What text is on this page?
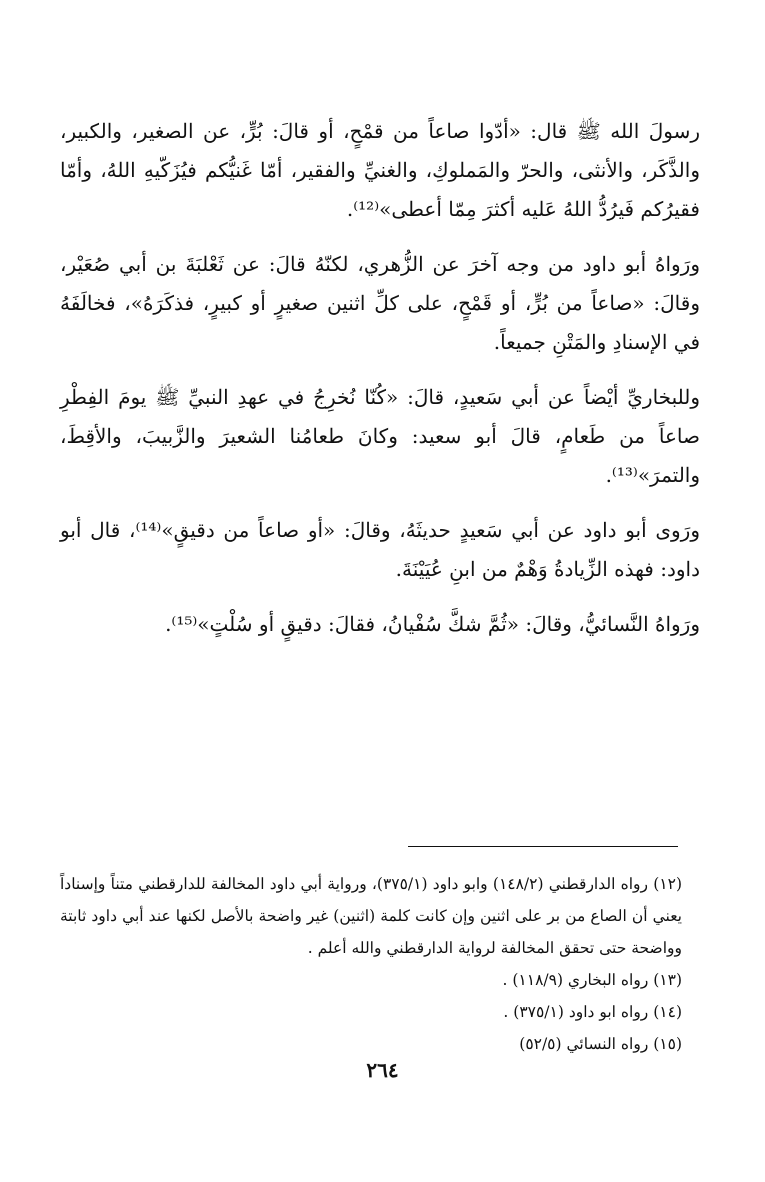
رسولَ الله ﷺ قال: «أدّوا صاعاً من قمْحٍ، أو قالَ: بُرٍّ، عن الصغير، والكبير، والذَّكَر، والأنثى، والحرّ والمَملوكِ، والغنيِّ والفقير، أمّا غَنيُّكم فيُزَكّيهِ اللهُ، وأمّا فقيرُكم فَيرُدُّ اللهُ عَليه أكثرَ مِمّا أعطى»⁽¹²⁾.

ورَواهُ أبو داود من وجه آخرَ عن الزُّهري، لكنّهُ قالَ: عن ثَعْلبَةَ بن أبي صُعَيْر، وقالَ: «صاعاً من بُرٍّ، أو قَمْحٍ، على كلِّ اثنين صغيرٍ أو كبيرٍ، فذكَرَهُ»، فخالَفَهُ في الإسنادِ والمَتْنِ جميعاً.

وللبخاريِّ أيْضاً عن أبي سَعيدٍ، قالَ: «كُنّا نُخرِجُ في عهدِ النبيِّ ﷺ يومَ الفِطْرِ صاعاً من طَعامٍ، قالَ أبو سعيد: وكانَ طعامُنا الشعيرَ والزَّبيبَ، والأقِطَ، والتمرَ»⁽¹³⁾.

ورَوى أبو داود عن أبي سَعيدٍ حديثَهُ، وقالَ: «أو صاعاً من دقيقٍ»⁽¹⁴⁾، قال أبو داود: فهذه الزِّيادةُ وَهْمٌ من ابنِ عُيَيْنَةَ.

ورَواهُ النَّسائيُّ، وقالَ: «ثُمَّ شكَّ سُفْيانُ، فقالَ: دقيقٍ أو سُلْتٍ»⁽¹⁵⁾.

(١٢) رواه الدارقطني (١٤٨/٢) وابو داود (٣٧٥/١)، ورواية أبي داود المخالفة للدارقطني متناً وإسناداً يعني أن الصاع من بر على اثنين وإن كانت كلمة (اثنين) غير واضحة بالأصل لكنها عند أبي داود ثابتة وواضحة حتى تحقق المخالفة لرواية الدارقطني والله أعلم .

(١٣) رواه البخاري (١١٨/٩) .

(١٤) رواه ابو داود (٣٧٥/١) .

(١٥) رواه النسائي (٥٢/٥)

٢٦٤
